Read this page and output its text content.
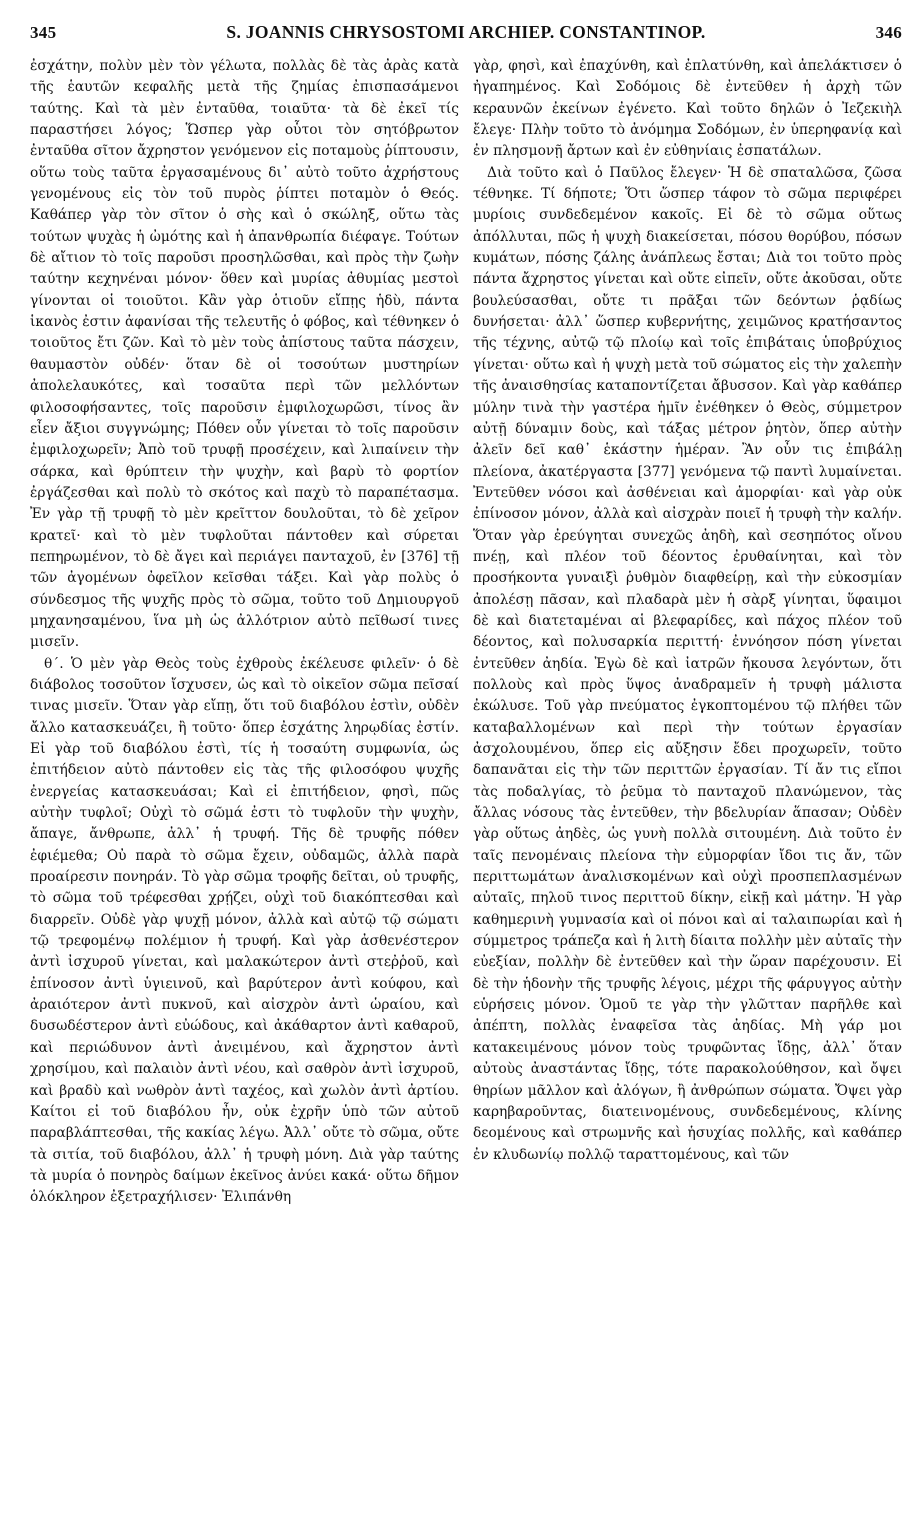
345	S. JOANNIS CHRYSOSTOMI ARCHIEP. CONSTANTINOP.	346

ἐσχάτην, πολὺν μὲν τὸν γέλωτα, πολλὰς δὲ τὰς ἀρὰς κατὰ τῆς ἑαυτῶν κεφαλῆς μετὰ τῆς ζημίας ἐπισπασάμενοι ταύτης. Καὶ τὰ μὲν ἐνταῦθα, τοιαῦτα· τὰ δὲ ἐκεῖ τίς παραστήσει λόγος; Ὥσπερ γὰρ οὗτοι τὸν σητόβρωτον ἐνταῦθα σῖτον ἄχρηστον γενόμενον εἰς ποταμοὺς ῥίπτουσιν, οὕτω τοὺς ταῦτα ἐργασαμένους δι᾽ αὐτὸ τοῦτο ἀχρήστους γενομένους εἰς τὸν τοῦ πυρὸς ῥίπτει ποταμὸν ὁ Θεός. Καθάπερ γὰρ τὸν σῖτον ὁ σὴς καὶ ὁ σκώληξ, οὕτω τὰς τούτων ψυχὰς ἡ ὠμότης καὶ ἡ ἀπανθρωπία διέφαγε. Τούτων δὲ αἴτιον τὸ τοῖς παροῦσι προσηλῶσθαι, καὶ πρὸς τὴν ζωὴν ταύτην κεχηνέναι μόνον· ὅθεν καὶ μυρίας ἀθυμίας μεστοὶ γίνονται οἱ τοιοῦτοι. Κἂν γὰρ ὁτιοῦν εἴπῃς ἡδὺ, πάντα ἱκανὸς ἐστιν ἀφανίσαι τῆς τελευτῆς ὁ φόβος, καὶ τέθνηκεν ὁ τοιοῦτος ἔτι ζῶν. Καὶ τὸ μὲν τοὺς ἀπίστους ταῦτα πάσχειν, θαυμαστὸν οὐδέν· ὅταν δὲ οἱ τοσούτων μυστηρίων ἀπολελαυκότες, καὶ τοσαῦτα περὶ τῶν μελλόντων φιλοσοφήσαντες, τοῖς παροῦσιν ἐμφιλοχωρῶσι, τίνος ἂν εἶεν ἄξιοι συγγνώμης; Πόθεν οὖν γίνεται τὸ τοῖς παροῦσιν ἐμφιλοχωρεῖν; Ἀπὸ τοῦ τρυφῇ προσέχειν, καὶ λιπαίνειν τὴν σάρκα, καὶ θρύπτειν τὴν ψυχὴν, καὶ βαρὺ τὸ φορτίον ἐργάζεσθαι καὶ πολὺ τὸ σκότος καὶ παχὺ τὸ παραπέτασμα. Ἐν γὰρ τῇ τρυφῇ τὸ μὲν κρεῖττον δουλοῦται, τὸ δὲ χεῖρον κρατεῖ· καὶ τὸ μὲν τυφλοῦται πάντοθεν καὶ σύρεται πεπηρωμένον, τὸ δὲ ἄγει καὶ περιάγει πανταχοῦ, ἐν [376] τῇ τῶν ἀγομένων ὀφεῖλον κεῖσθαι τάξει. Καὶ γὰρ πολὺς ὁ σύνδεσμος τῆς ψυχῆς πρὸς τὸ σῶμα, τοῦτο τοῦ Δημιουργοῦ μηχανησαμένου, ἵνα μὴ ὡς ἀλλότριον αὐτὸ πεῖθωσί τινες μισεῖν.

θ´. Ὁ μὲν γὰρ Θεὸς τοὺς ἐχθροὺς ἐκέλευσε φιλεῖν· ὁ δὲ διάβολος τοσοῦτον ἴσχυσεν, ὡς καὶ τὸ οἰκεῖον σῶμα πεῖσαί τινας μισεῖν. Ὅταν γὰρ εἴπῃ, ὅτι τοῦ διαβόλου ἐστὶν, οὐδὲν ἄλλο κατασκευάζει, ἢ τοῦτο· ὅπερ ἐσχάτης ληρῳδίας ἐστίν. Εἰ γὰρ τοῦ διαβόλου ἐστὶ, τίς ἡ τοσαύτη συμφωνία, ὡς ἐπιτήδειον αὐτὸ πάντοθεν εἰς τὰς τῆς φιλοσόφου ψυχῆς ἐνεργείας κατασκευάσαι; Καὶ εἰ ἐπιτήδειον, φησὶ, πῶς αὐτὴν τυφλοῖ; Οὐχὶ τὸ σῶμά ἐστι τὸ τυφλοῦν τὴν ψυχὴν, ἄπαγε, ἄνθρωπε, ἀλλ᾽ ἡ τρυφή. Τῆς δὲ τρυφῆς πόθεν ἐφιέμεθα; Οὐ παρὰ τὸ σῶμα ἔχειν, οὐδαμῶς, ἀλλὰ παρὰ προαίρεσιν πονηράν. Τὸ γὰρ σῶμα τροφῆς δεῖται, οὐ τρυφῆς, τὸ σῶμα τοῦ τρέφεσθαι χρῄζει, οὐχὶ τοῦ διακόπτεσθαι καὶ διαρρεῖν. Οὐδὲ γὰρ ψυχῇ μόνον, ἀλλὰ καὶ αὐτῷ τῷ σώματι τῷ τρεφομένῳ πολέμιον ἡ τρυφή. Καὶ γὰρ ἀσθενέστερον ἀντὶ ἰσχυροῦ γίνεται, καὶ μαλακώτερον ἀντὶ στεῤῥοῦ, καὶ ἐπίνοσον ἀντὶ ὑγιεινοῦ, καὶ βαρύτερον ἀντὶ κούφου, καὶ ἀραιότερον ἀντὶ πυκνοῦ, καὶ αἰσχρὸν ἀντὶ ὡραίου, καὶ δυσωδέστερον ἀντὶ εὐώδους, καὶ ἀκάθαρτον ἀντὶ καθαροῦ, καὶ περιώδυνον ἀντὶ ἀνειμένου, καὶ ἄχρηστον ἀντὶ χρησίμου, καὶ παλαιὸν ἀντὶ νέου, καὶ σαθρὸν ἀντὶ ἰσχυροῦ, καὶ βραδὺ καὶ νωθρὸν ἀντὶ ταχέος, καὶ χωλὸν ἀντὶ ἀρτίου. Καίτοι εἰ τοῦ διαβόλου ἦν, οὐκ ἐχρῆν ὑπὸ τῶν αὐτοῦ παραβλάπτεσθαι, τῆς κακίας λέγω. Ἀλλ᾽ οὔτε τὸ σῶμα, οὔτε τὰ σιτία, τοῦ διαβόλου, ἀλλ᾽ ἡ τρυφὴ μόνη. Διὰ γὰρ ταύτης τὰ μυρία ὁ πονηρὸς δαίμων ἐκεῖνος ἀνύει κακά· οὕτω δῆμον ὁλόκληρον ἐξετραχήλισεν· Ἐλιπάνθη

γὰρ, φησὶ, καὶ ἐπαχύνθη, καὶ ἐπλατύνθη, καὶ ἀπελάκτισεν ὁ ἠγαπημένος. Καὶ Σοδόμοις δὲ ἐντεῦθεν ἡ ἀρχὴ τῶν κεραυνῶν ἐκείνων ἐγένετο. Καὶ τοῦτο δηλῶν ὁ Ἰεζεκιὴλ ἔλεγε· Πλὴν τοῦτο τὸ ἀνόμημα Σοδόμων, ἐν ὑπερηφανίᾳ καὶ ἐν πλησμονῇ ἄρτων καὶ ἐν εὐθηνίαις ἐσπατάλων.

Διὰ τοῦτο καὶ ὁ Παῦλος ἔλεγεν· Ἡ δὲ σπαταλῶσα, ζῶσα τέθνηκε. Τί δήποτε; Ὅτι ὥσπερ τάφον τὸ σῶμα περιφέρει μυρίοις συνδεδεμένον κακοῖς. Εἰ δὲ τὸ σῶμα οὕτως ἀπόλλυται, πῶς ἡ ψυχὴ διακείσεται, πόσου θορύβου, πόσων κυμάτων, πόσης ζάλης ἀνάπλεως ἔσται; Διὰ τοι τοῦτο πρὸς πάντα ἄχρηστος γίνεται καὶ οὔτε εἰπεῖν, οὔτε ἀκοῦσαι, οὔτε βουλεύσασθαι, οὔτε τι πρᾶξαι τῶν δεόντων ῥᾳδίως δυνήσεται· ἀλλ᾽ ὥσπερ κυβερνήτης, χειμῶνος κρατήσαντος τῆς τέχνης, αὐτῷ τῷ πλοίῳ καὶ τοῖς ἐπιβάταις ὑποβρύχιος γίνεται· οὕτω καὶ ἡ ψυχὴ μετὰ τοῦ σώματος εἰς τὴν χαλεπὴν τῆς ἀναισθησίας καταποντίζεται ἄβυσσον. Καὶ γὰρ καθάπερ μύλην τινὰ τὴν γαστέρα ἡμῖν ἐνέθηκεν ὁ Θεὸς, σύμμετρον αὐτῇ δύναμιν δοὺς, καὶ τάξας μέτρον ῥητὸν, ὅπερ αὐτὴν ἀλεῖν δεῖ καθ᾽ ἑκάστην ἡμέραν. Ἂν οὖν τις ἐπιβάλῃ πλείονα, ἀκατέργαστα [377] γενόμενα τῷ παντὶ λυμαίνεται. Ἐντεῦθεν νόσοι καὶ ἀσθένειαι καὶ ἀμορφίαι· καὶ γὰρ οὐκ ἐπίνοσον μόνον, ἀλλὰ καὶ αἰσχρὰν ποιεῖ ἡ τρυφὴ τὴν καλήν. Ὅταν γὰρ ἐρεύγηται συνεχῶς ἀηδὴ, καὶ σεσηπότος οἴνου πνέῃ, καὶ πλέον τοῦ δέοντος ἐρυθαίνηται, καὶ τὸν προσήκοντα γυναιξὶ ῥυθμὸν διαφθείρῃ, καὶ τὴν εὐκοσμίαν ἀπολέσῃ πᾶσαν, καὶ πλαδαρὰ μὲν ἡ σὰρξ γίνηται, ὕφαιμοι δὲ καὶ διατεταμέναι αἱ βλεφαρίδες, καὶ πάχος πλέον τοῦ δέοντος, καὶ πολυσαρκία περιττή· ἐννόησον πόση γίνεται ἐντεῦθεν ἀηδία. Ἐγὼ δὲ καὶ ἰατρῶν ἤκουσα λεγόντων, ὅτι πολλοὺς καὶ πρὸς ὕψος ἀναδραμεῖν ἡ τρυφὴ μάλιστα ἐκώλυσε. Τοῦ γὰρ πνεύματος ἐγκοπτομένου τῷ πλήθει τῶν καταβαλλομένων καὶ περὶ τὴν τούτων ἐργασίαν ἀσχολουμένου, ὅπερ εἰς αὔξησιν ἔδει προχωρεῖν, τοῦτο δαπανᾶται εἰς τὴν τῶν περιττῶν ἐργασίαν. Τί ἄν τις εἴποι τὰς ποδαλγίας, τὸ ῥεῦμα τὸ πανταχοῦ πλανώμενον, τὰς ἄλλας νόσους τὰς ἐντεῦθεν, τὴν βδελυρίαν ἅπασαν; Οὐδὲν γὰρ οὕτως ἀηδὲς, ὡς γυνὴ πολλὰ σιτουμένη. Διὰ τοῦτο ἐν ταῖς πενομέναις πλείονα τὴν εὐμορφίαν ἴδοι τις ἄν, τῶν περιττωμάτων ἀναλισκομένων καὶ οὐχὶ προσπεπλασμένων αὐταῖς, πηλοῦ τινος περιττοῦ δίκην, εἰκῇ καὶ μάτην. Ἡ γὰρ καθημερινὴ γυμνασία καὶ οἱ πόνοι καὶ αἱ ταλαιπωρίαι καὶ ἡ σύμμετρος τράπεζα καὶ ἡ λιτὴ δίαιτα πολλὴν μὲν αὐταῖς τὴν εὐεξίαν, πολλὴν δὲ ἐντεῦθεν καὶ τὴν ὥραν παρέχουσιν. Εἰ δὲ τὴν ἡδονὴν τῆς τρυφῆς λέγοις, μέχρι τῆς φάρυγγος αὐτὴν εὑρήσεις μόνον. Ὁμοῦ τε γὰρ τὴν γλῶτταν παρῆλθε καὶ ἀπέπτη, πολλὰς ἐναφεῖσα τὰς ἀηδίας. Μὴ γάρ μοι κατακειμένους μόνον τοὺς τρυφῶντας ἴδῃς, ἀλλ᾽ ὅταν αὐτοὺς ἀναστάντας ἴδῃς, τότε παρακολούθησον, καὶ ὄψει θηρίων μᾶλλον καὶ ἀλόγων, ἢ ἀνθρώπων σώματα. Ὄψει γὰρ καρηβαροῦντας, διατεινομένους, συνδεδεμένους, κλίνης δεομένους καὶ στρωμνῆς καὶ ἡσυχίας πολλῆς, καὶ καθάπερ ἐν κλυδωνίῳ πολλῷ ταραττομένους, καὶ τῶν
